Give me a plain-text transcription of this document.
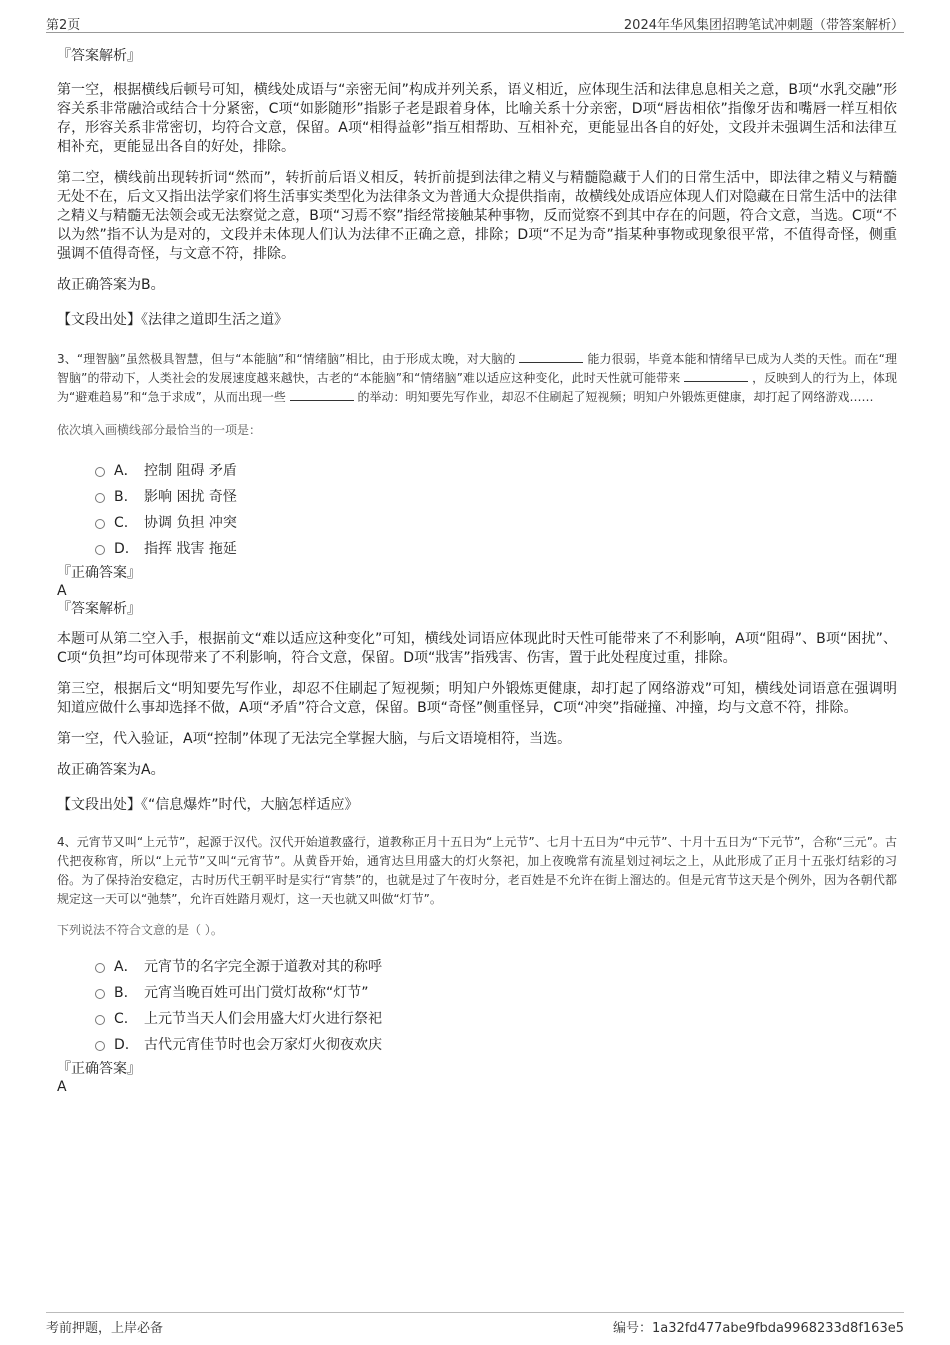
第2页	2024年华风集团招聘笔试冲刺题（带答案解析）

『答案解析』

第一空，根据横线后顿号可知，横线处成语与“亲密无间”构成并列关系，语义相近，应体现生活和法律息息相关之意，B项“水乳交融”形容关系非常融洽或结合十分紧密，C项“如影随形”指影子老是跟着身体，比喻关系十分亲密，D项“唇齿相依”指像牙齿和嘴唇一样互相依存，形容关系非常密切，均符合文意，保留。A项“相得益彰”指互相帮助、互相补充，更能显出各自的好处，文段并未强调生活和法律互相补充，更能显出各自的好处，排除。

第二空，横线前出现转折词“然而”，转折前后语义相反，转折前提到法律之精义与精髓隐藏于人们的日常生活中，即法律之精义与精髓无处不在，后文又指出法学家们将生活事实类型化为法律条文为普通大众提供指南，故横线处成语应体现人们对隐藏在日常生活中的法律之精义与精髓无法领会或无法察觉之意，B项“习焉不察”指经常接触某种事物，反而觉察不到其中存在的问题，符合文意，当选。C项“不以为然”指不认为是对的，文段并未体现人们认为法律不正确之意，排除；D项“不足为奇”指某种事物或现象很平常，不值得奇怪，侧重强调不值得奇怪，与文意不符，排除。

故正确答案为B。

【文段出处】《法律之道即生活之道》

3、“理智脑”虽然极具智慧，但与“本能脑”和“情绪脑”相比，由于形成太晚，对大脑的	能力很弱，毕竟本能和情绪早已成为人类的天性。而在“理智脑”的带动下，人类社会的发展速度越来越快，古老的“本能脑”和“情绪脑”难以适应这种变化，此时天性就可能带来	，反映到人的行为上，体现为“避难趋易”和“急于求成”，从而出现一些	的举动：明知要先写作业，却忍不住刷起了短视频；明知户外锻炼更健康，却打起了网络游戏……

依次填入画横线部分最恰当的一项是：

A． 控制 阻碍 矛盾
B. 影响 困扰 奇怪
C. 协调 负担 冲突
D. 指挥 戕害 拖延

『正确答案』

A

『答案解析』

本题可从第二空入手，根据前文“难以适应这种变化”可知，横线处词语应体现此时天性可能带来了不利影响，A项“阻碍”、B项“困扰”、C项“负担”均可体现带来了不利影响，符合文意，保留。D项“戕害”指残害、伤害，置于此处程度过重，排除。

第三空，根据后文“明知要先写作业，却忍不住刷起了短视频；明知户外锻炼更健康，却打起了网络游戏”可知，横线处词语意在强调明知道应做什么事却选择不做，A项“矛盾”符合文意，保留。B项“奇怪”侧重怪异，C项“冲突”指碰撞、冲撞，均与文意不符，排除。

第一空，代入验证，A项“控制”体现了无法完全掌握大脑，与后文语境相符，当选。

故正确答案为A。

【文段出处】《“信息爆炸”时代，大脑怎样适应》

4、元宵节又叫“上元节”，起源于汉代。汉代开始道教盛行，道教称正月十五日为“上元节”、七月十五日为“中元节”、十月十五日为“下元节”，合称“三元”。古代把夜称宵，所以“上元节”又叫“元宵节”。从黄昏开始，通宵达旦用盛大的灯火祭祀，加上夜晚常有流星划过祠坛之上，从此形成了正月十五张灯结彩的习俗。为了保持治安稳定，古时历代王朝平时是实行“宵禁”的，也就是过了午夜时分，老百姓是不允许在街上溜达的。但是元宵节这天是个例外，因为各朝代都规定这一天可以“弛禁”，允许百姓踏月观灯，这一天也就又叫做“灯节”。

下列说法不符合文意的是（ ）。

A． 元宵节的名字完全源于道教对其的称呼
B. 元宵当晚百姓可出门赏灯故称“灯节”
C. 上元节当天人们会用盛大灯火进行祭祀
D. 古代元宵佳节时也会万家灯火彻夜欢庆

『正确答案』

A

考前押题，上岸必备	编号：1a32fd477abe9fbda9968233d8f163e5
